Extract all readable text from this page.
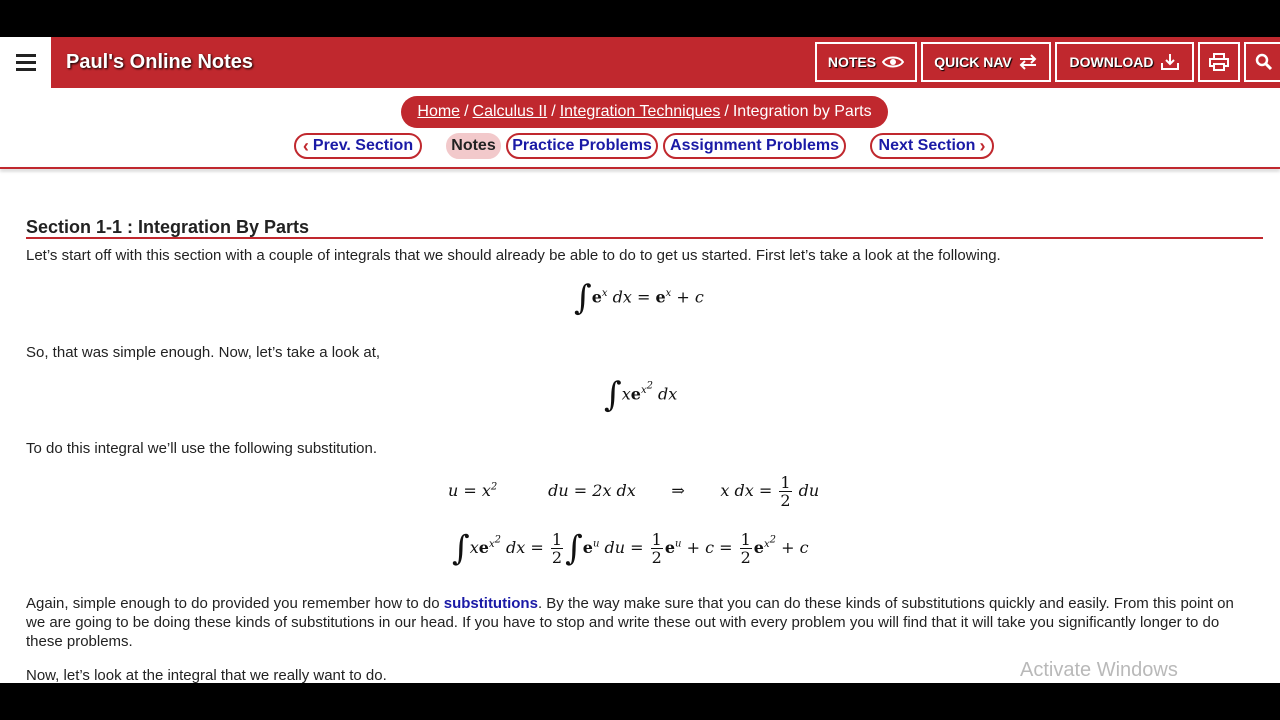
Paul's Online Notes	NOTES	QUICK NAV	DOWNLOAD
Home / Calculus II / Integration Techniques / Integration by Parts
‹ Prev. Section Notes Practice Problems Assignment Problems Next Section ›
Section 1-1 : Integration By Parts
Let’s start off with this section with a couple of integrals that we should already be able to do to get us started. First let’s take a look at the following.
$\int e^x$ dx = $e^x + c$
So, that was simple enough. Now, let’s take a look at,
$\int xe^{x^2}$ dx
To do this integral we’ll use the following substitution.
$u = x^2$          du = 2x dx       ⇒       x dx = $\frac{1}{2}$ du
$\int xe^{x^2}$ dx = $\frac{1}{2} \int e^u$ du = $\frac{1}{2} e^u + c = \frac{1}{2} e^{x^2} + c$
Again, simple enough to do provided you remember how to do substitutions. By the way make sure that you can do these kinds of substitutions quickly and easily. From this point on we are going to be doing these kinds of substitutions in our head. If you have to stop and write these out with every problem you will find that it will take you significantly longer to do these problems.
Now, let’s look at the integral that we really want to do.	Activate Windows
